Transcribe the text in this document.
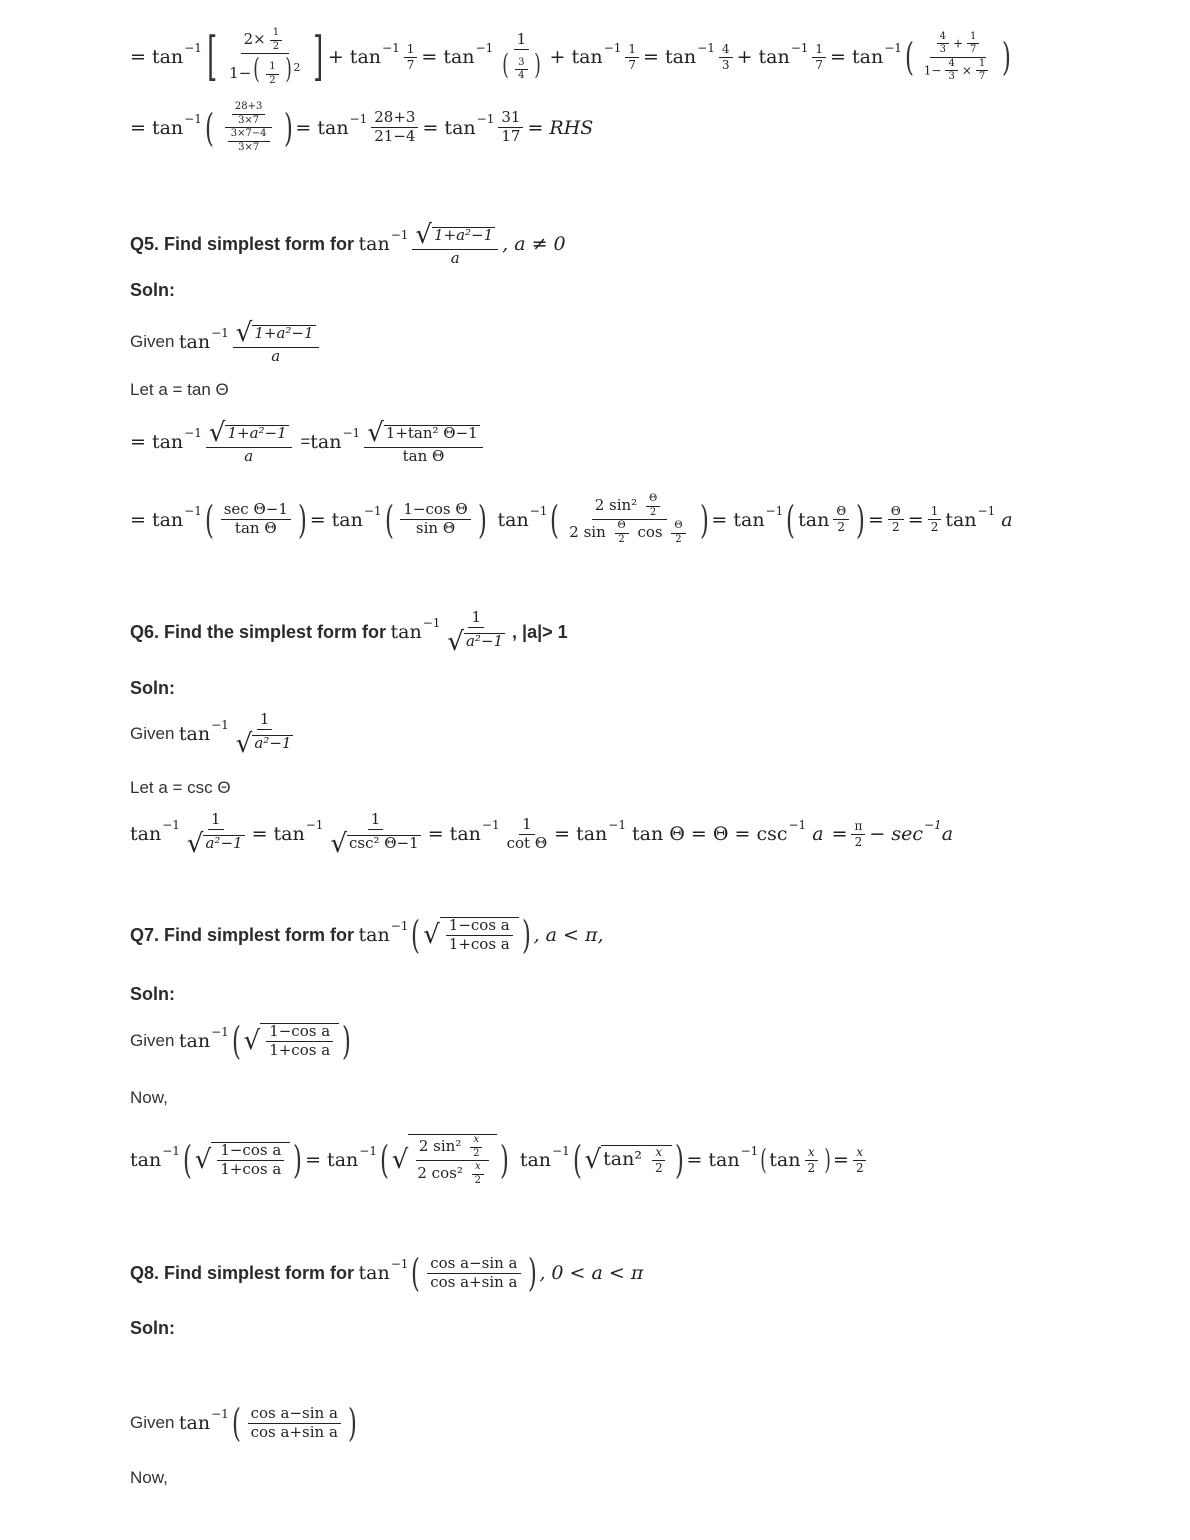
=
tan −1 [ $\frac{2\times \frac{1}{2}}{1-( \frac{1}{2} ) ^2}$ ] + $\tan -1 \frac{1}{7} = \tan -1 \frac{1}{( \frac{3}{4} )} + \tan -1 \frac{1}{7} = \tan -1 \frac{4}{3} + \tan -1 \frac{1}{7} = \tan -1$ ( $\frac{\frac{4}{3} + \frac{1}{7}}{1- \frac{4}{3} \times \frac{1}{7}}$ )
=
tan −1 ( $\frac{\frac{28+3}{3\times 7}}{\frac{3\times 7-4}{3\times 7}}$ ) = $\tan -1 \frac{28+3}{21-4} = \tan -1 \frac{31}{17}$ = RHS
Q5. Find simplest form for
$\tan -1 \frac{\text{√ 1+a²−1}}{a}$ , a ≠ 0
Soln:
Given
$\tan -1 \frac{\text{√ 1+a²−1}}{a}$
Let a = tan Θ
=
$\tan -1 \frac{\text{√ 1+a²−1}}{a} = \tan -1 \frac{\text{√ 1+tan² Θ−1}}{\text{tan Θ}}$
=
tan −1 ( $\frac{\text{sec Θ−1}}{\text{tan Θ}}$ ) = tan −1 ( $\frac{\text{1−cos Θ}}{\text{sin Θ}}$ ) tan −1 ( $\frac{2 \sin^2 \frac{\Theta}{2}}{2 \sin \frac{\Theta}{2} \cos \frac{\Theta}{2}}$ ) = tan −1 ( $\tan \frac{\Theta}{2}$ ) = $\frac{\Theta}{2} = \frac{1}{2}$ tan −1
a
Q6. Find the simplest form for
$\tan -1 \frac{1}{\text{√ a²−1}}$ , |a|> 1
Soln:
Given
$\tan -1 \frac{1}{\text{√ a²−1}}$
Let a = csc Θ
$\tan -1 \frac{1}{\text{√ a²−1}} = \tan -1 \frac{1}{\text{√ csc² Θ−1}} = \tan -1 \frac{1}{\text{cot Θ}} = \tan -1$
tan Θ = Θ = csc −1
$a = \frac{\pi}{2} - \sec -1$ a
Q7. Find simplest form for
tan −1 ( √ $\frac{\text{1−cos a}}{\text{1+cos a}}$ ) , a < π,
Soln:
Given
tan −1 ( √ $\frac{\text{1−cos a}}{\text{1+cos a}}$ )
Now,
tan −1 ( √ $\frac{\text{1−cos a}}{\text{1+cos a}}$ ) = tan −1 ( √ $\frac{2 \sin^2 \frac{x}{2}}{2 \cos^2 \frac{x}{2}}$ ) tan −1 ( √ $\tan^2 \frac{x}{2}$ ) = tan −1 ( $\tan \frac{x}{2}$ ) = $\frac{x}{2}$
Q8. Find simplest form for
tan −1 ( $\frac{\text{cos a−sin a}}{\text{cos a+sin a}}$ ) , 0 < a < π
Soln:
Given
tan −1 ( $\frac{\text{cos a−sin a}}{\text{cos a+sin a}}$ )
Now,
